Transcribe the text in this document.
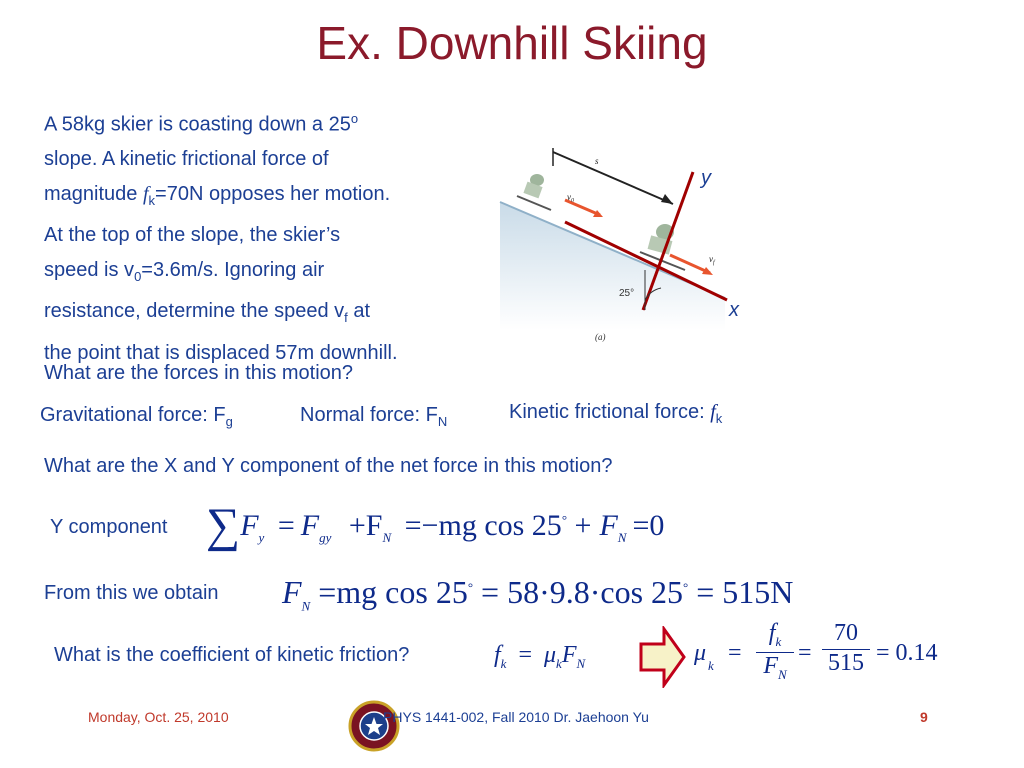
Ex. Downhill Skiing
A 58kg skier is coasting down a 25$^o$
slope. A kinetic frictional force of
magnitude $f_k=70N$ opposes her motion.
At the top of the slope, the skier’s
speed is $v_0=3.6m/s$. Ignoring air
resistance, determine the speed $v_f$ at
the point that is displaced 57m downhill.
s
$v_0$
y
x
$v_f$
25°
(a)
What are the forces in this motion?
Gravitational force: $F_g$	Normal force: $F_N$	Kinetic frictional force: $f_k$
What are the X and Y component of the net force in this motion?
Y component $\sum F_y = F_{gy} +F_N =-mg$ $\cos 25^\circ + F_N =0$
From this we obtain $F_N =mg$ cos 25° = 58·9.8·cos 25° = 515N
What is the coefficient of kinetic friction?	$f_k = \mu_kF_N$	μ k =
$f_k$
$F_N$
=
70
515 = 0.14
Monday, Oct. 25, 2010	PHYS 1441-002, Fall 2010 Dr. Jaehoon Yu	9
